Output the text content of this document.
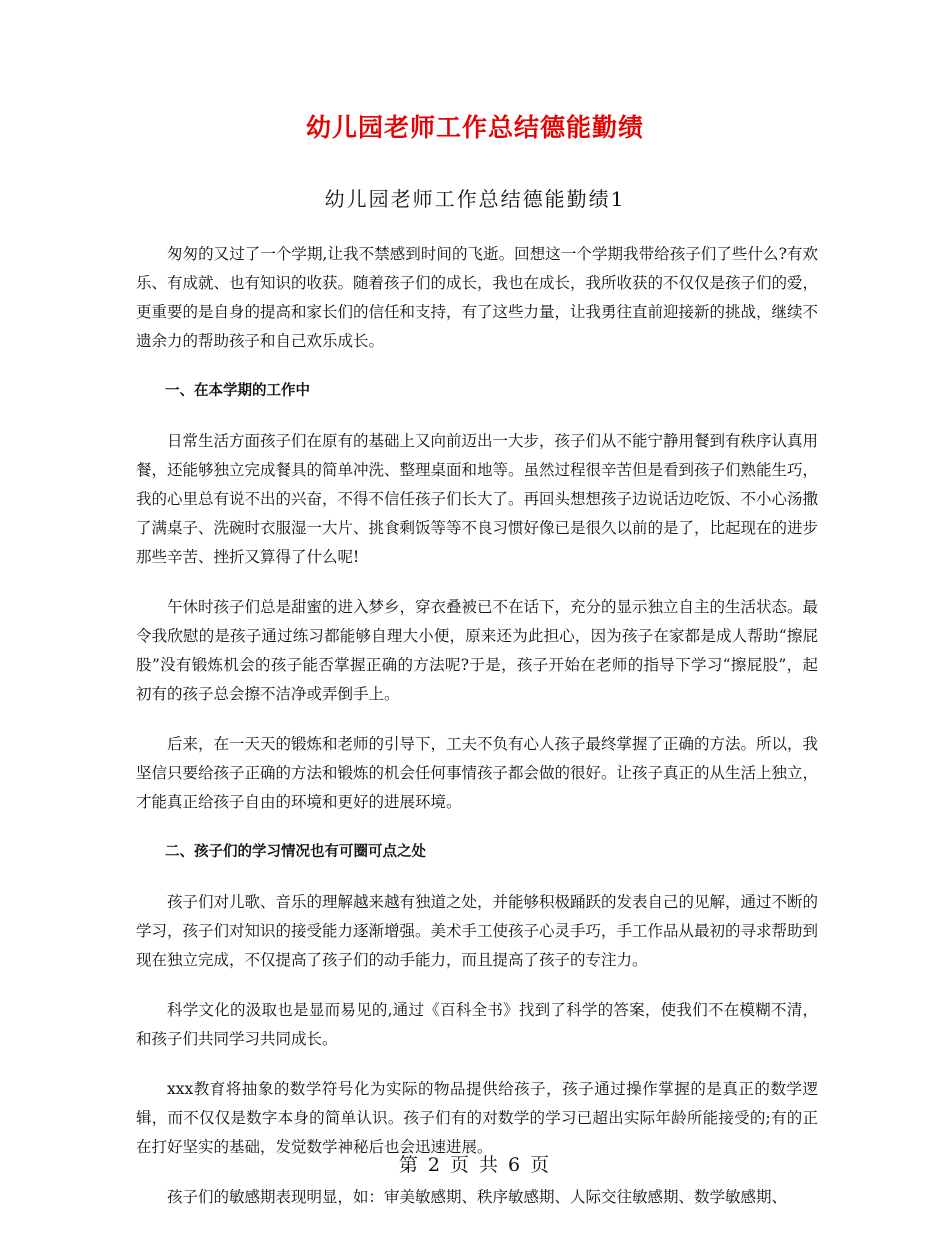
幼儿园老师工作总结德能勤绩
幼儿园老师工作总结德能勤绩1

匆匆的又过了一个学期,让我不禁感到时间的飞逝。回想这一个学期我带给孩子们了些什么?有欢乐、有成就、也有知识的收获。随着孩子们的成长，我也在成长，我所收获的不仅仅是孩子们的爱，更重要的是自身的提高和家长们的信任和支持，有了这些力量，让我勇往直前迎接新的挑战，继续不遗余力的帮助孩子和自己欢乐成长。

一、在本学期的工作中

日常生活方面孩子们在原有的基础上又向前迈出一大步，孩子们从不能宁静用餐到有秩序认真用餐，还能够独立完成餐具的简单冲洗、整理桌面和地等。虽然过程很辛苦但是看到孩子们熟能生巧，我的心里总有说不出的兴奋，不得不信任孩子们长大了。再回头想想孩子边说话边吃饭、不小心汤撒了满桌子、洗碗时衣服湿一大片、挑食剩饭等等不良习惯好像已是很久以前的是了，比起现在的进步那些辛苦、挫折又算得了什么呢!

午休时孩子们总是甜蜜的进入梦乡，穿衣叠被已不在话下，充分的显示独立自主的生活状态。最令我欣慰的是孩子通过练习都能够自理大小便，原来还为此担心，因为孩子在家都是成人帮助“擦屁股”没有锻炼机会的孩子能否掌握正确的方法呢?于是，孩子开始在老师的指导下学习“擦屁股”，起初有的孩子总会擦不洁净或弄倒手上。

后来，在一天天的锻炼和老师的引导下，工夫不负有心人孩子最终掌握了正确的方法。所以，我坚信只要给孩子正确的方法和锻炼的机会任何事情孩子都会做的很好。让孩子真正的从生活上独立，才能真正给孩子自由的环境和更好的进展环境。

二、孩子们的学习情况也有可圈可点之处

孩子们对儿歌、音乐的理解越来越有独道之处，并能够积极踊跃的发表自己的见解，通过不断的学习，孩子们对知识的接受能力逐渐增强。美术手工使孩子心灵手巧，手工作品从最初的寻求帮助到现在独立完成，不仅提高了孩子们的动手能力，而且提高了孩子的专注力。

科学文化的汲取也是显而易见的,通过《百科全书》找到了科学的答案，使我们不在模糊不清，和孩子们共同学习共同成长。

xxx教育将抽象的数学符号化为实际的物品提供给孩子，孩子通过操作掌握的是真正的数学逻辑，而不仅仅是数字本身的简单认识。孩子们有的对数学的学习已超出实际年龄所能接受的;有的正在打好坚实的基础，发觉数学神秘后也会迅速进展。

孩子们的敏感期表现明显，如：审美敏感期、秩序敏感期、人际交往敏感期、数学敏感期、

第 2 页 共 6 页
